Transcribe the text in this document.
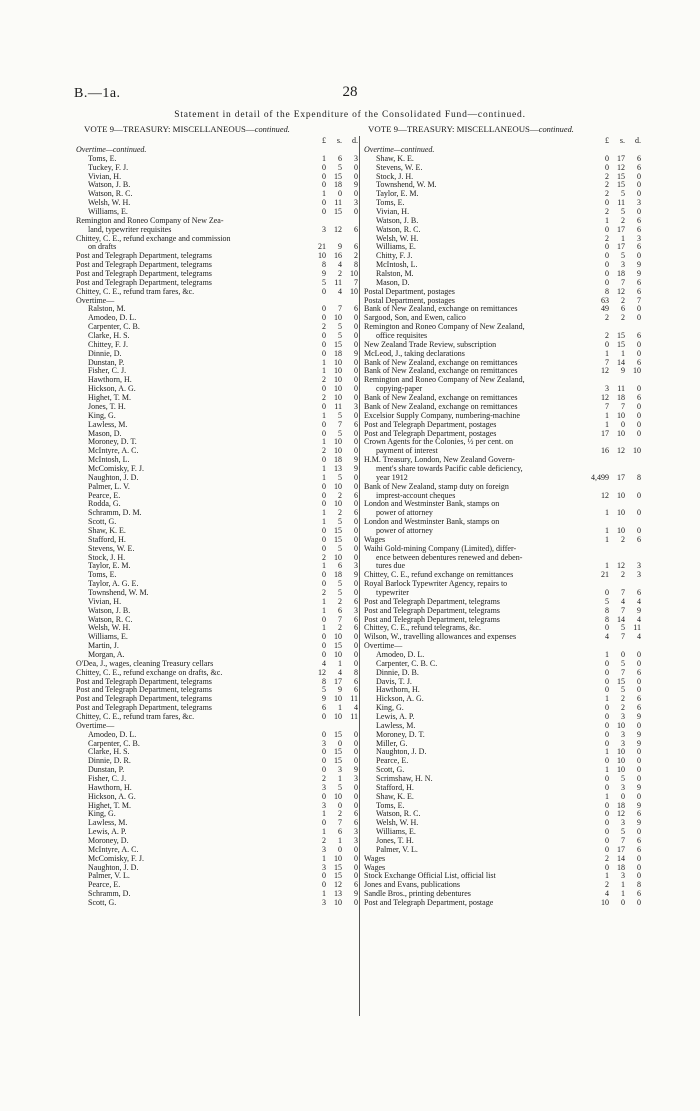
B.—1a.	28
Statement in detail of the Expenditure of the Consolidated Fund—continued.
VOTE 9—TREASURY: MISCELLANEOUS—continued.	VOTE 9—TREASURY: MISCELLANEOUS—continued.
£	s.	d.
Overtime—continued.
Toms, E.	1	6	3
Tuckey, F. J.	0	5	0
Vivian, H.	0	15	0
Watson, J. B.	0	18	9
Watson, R. C.	1	0	0
Welsh, W. H.	0	11	3
Williams, E.	0	15	0
Remington and Roneo Company of New Zea-
land, typewriter requisites	3	12	6
Chittey, C. E., refund exchange and commission
on drafts	21	9	6
Post and Telegraph Department, telegrams	10	16	2
Post and Telegraph Department, telegrams	8	4	8
Post and Telegraph Department, telegrams	9	2	10
Post and Telegraph Department, telegrams	5	11	7
Chittey, C. E., refund tram fares, &c.	0	4	10
Overtime—
Ralston, M.	0	7	6
Amodeo, D. L.	0	10	0
Carpenter, C. B.	2	5	0
Clarke, H. S.	0	5	0
Chittey, F. J.	0	15	0
Dinnie, D.	0	18	9
Dunstan, P.	1	10	0
Fisher, C. J.	1	10	0
Hawthorn, H.	2	10	0
Hickson, A. G.	0	10	0
Highet, T. M.	2	10	0
Jones, T. H.	0	11	3
King, G.	1	5	0
Lawless, M.	0	7	6
Mason, D.	0	5	0
Moroney, D. T.	1	10	0
McIntyre, A. C.	2	10	0
McIntosh, L.	0	18	9
McComisky, F. J.	1	13	9
Naughton, J. D.	1	5	0
Palmer, L. V.	0	10	0
Pearce, E.	0	2	6
Rodda, G.	0	10	0
Schramm, D. M.	1	2	6
Scott, G.	1	5	0
Shaw, K. E.	0	15	0
Stafford, H.	0	15	0
Stevens, W. E.	0	5	0
Stock, J. H.	2	10	0
Taylor, E. M.	1	6	3
Toms, E.	0	18	9
Taylor, A. G. E.	0	5	0
Townshend, W. M.	2	5	0
Vivian, H.	1	2	6
Watson, J. B.	1	6	3
Watson, R. C.	0	7	6
Welsh, W. H.	1	2	6
Williams, E.	0	10	0
Martin, J.	0	15	0
Morgan, A.	0	10	0
O'Dea, J., wages, cleaning Treasury cellars	4	1	0
Chittey, C. E., refund exchange on drafts, &c.	12	4	8
Post and Telegraph Department, telegrams	8	17	6
Post and Telegraph Department, telegrams	5	9	6
Post and Telegraph Department, telegrams	9	10	11
Post and Telegraph Department, telegrams	6	1	4
Chittey, C. E., refund tram fares, &c.	0	10	11
Overtime—
Amodeo, D. L.	0	15	0
Carpenter, C. B.	3	0	0
Clarke, H. S.	0	15	0
Dinnie, D. R.	0	15	0
Dunstan, P.	0	3	9
Fisher, C. J.	2	1	3
Hawthorn, H.	3	5	0
Hickson, A. G.	0	10	0
Highet, T. M.	3	0	0
King, G.	1	2	6
Lawless, M.	0	7	6
Lewis, A. P.	1	6	3
Moroney, D.	2	1	3
McIntyre, A. C.	3	0	0
McComisky, F. J.	1	10	0
Naughton, J. D.	3	15	0
Palmer, V. L.	0	15	0
Pearce, E.	0	12	6
Schramm, D.	1	13	9
Scott, G.	3	10	0
£	s.	d.
Overtime—continued.
Shaw, K. E.	0	17	6
Stevens, W. E.	0	12	6
Stock, J. H.	2	15	0
Townshend, W. M.	2	15	0
Taylor, E. M.	2	5	0
Toms, E.	0	11	3
Vivian, H.	2	5	0
Watson, J. B.	1	2	6
Watson, R. C.	0	17	6
Welsh, W. H.	2	1	3
Williams, E.	0	17	6
Chitty, F. J.	0	5	0
McIntosh, L.	0	3	9
Ralston, M.	0	18	9
Mason, D.	0	7	6
Postal Department, postages	8	12	6
Postal Department, postages	63	2	7
Bank of New Zealand, exchange on remittances	49	6	0
Sargood, Son, and Ewen, calico	2	2	0
Remington and Roneo Company of New Zealand,
office requisites	2	15	6
New Zealand Trade Review, subscription	0	15	0
McLeod, J., taking declarations	1	1	0
Bank of New Zealand, exchange on remittances	7	14	6
Bank of New Zealand, exchange on remittances	12	9	10
Remington and Roneo Company of New Zealand,
copying-paper	3	11	0
Bank of New Zealand, exchange on remittances	12	18	6
Bank of New Zealand, exchange on remittances	7	7	0
Excelsior Supply Company, numbering-machine	1	10	0
Post and Telegraph Department, postages	1	0	0
Post and Telegraph Department, postages	17	10	0
Crown Agents for the Colonies, ½ per cent. on
payment of interest	16	12	10
H.M. Treasury, London, New Zealand Govern-
ment's share towards Pacific cable deficiency,
year 1912	4,499	17	8
Bank of New Zealand, stamp duty on foreign
imprest-account cheques	12	10	0
London and Westminster Bank, stamps on
power of attorney	1	10	0
London and Westminster Bank, stamps on
power of attorney	1	10	0
Wages	1	2	6
Waihi Gold-mining Company (Limited), differ-
ence between debentures renewed and deben-
tures due	1	12	3
Chittey, C. E., refund exchange on remittances	21	2	3
Royal Barlock Typewriter Agency, repairs to
typewriter	0	7	6
Post and Telegraph Department, telegrams	5	4	4
Post and Telegraph Department, telegrams	8	7	9
Post and Telegraph Department, telegrams	8	14	4
Chittey, C. E., refund telegrams, &c.	0	5	11
Wilson, W., travelling allowances and expenses	4	7	4
Overtime—
Amodeo, D. L.	1	0	0
Carpenter, C. B. C.	0	5	0
Dinnie, D. B.	0	7	6
Davis, T. J.	0	15	0
Hawthorn, H.	0	5	0
Hickson, A. G.	1	2	6
King, G.	0	2	6
Lewis, A. P.	0	3	9
Lawless, M.	0	10	0
Moroney, D. T.	0	3	9
Miller, G.	0	3	9
Naughton, J. D.	1	10	0
Pearce, E.	0	10	0
Scott, G.	1	10	0
Scrimshaw, H. N.	0	5	0
Stafford, H.	0	3	9
Shaw, K. E.	1	0	0
Toms, E.	0	18	9
Watson, R. C.	0	12	6
Welsh, W. H.	0	3	9
Williams, E.	0	5	0
Jones, T. H.	0	7	6
Palmer, V. L.	0	17	6
Wages	2	14	0
Wages	0	18	0
Stock Exchange Official List, official list	1	3	0
Jones and Evans, publications	2	1	8
Sandle Bros., printing debentures	4	1	6
Post and Telegraph Department, postage	10	0	0
